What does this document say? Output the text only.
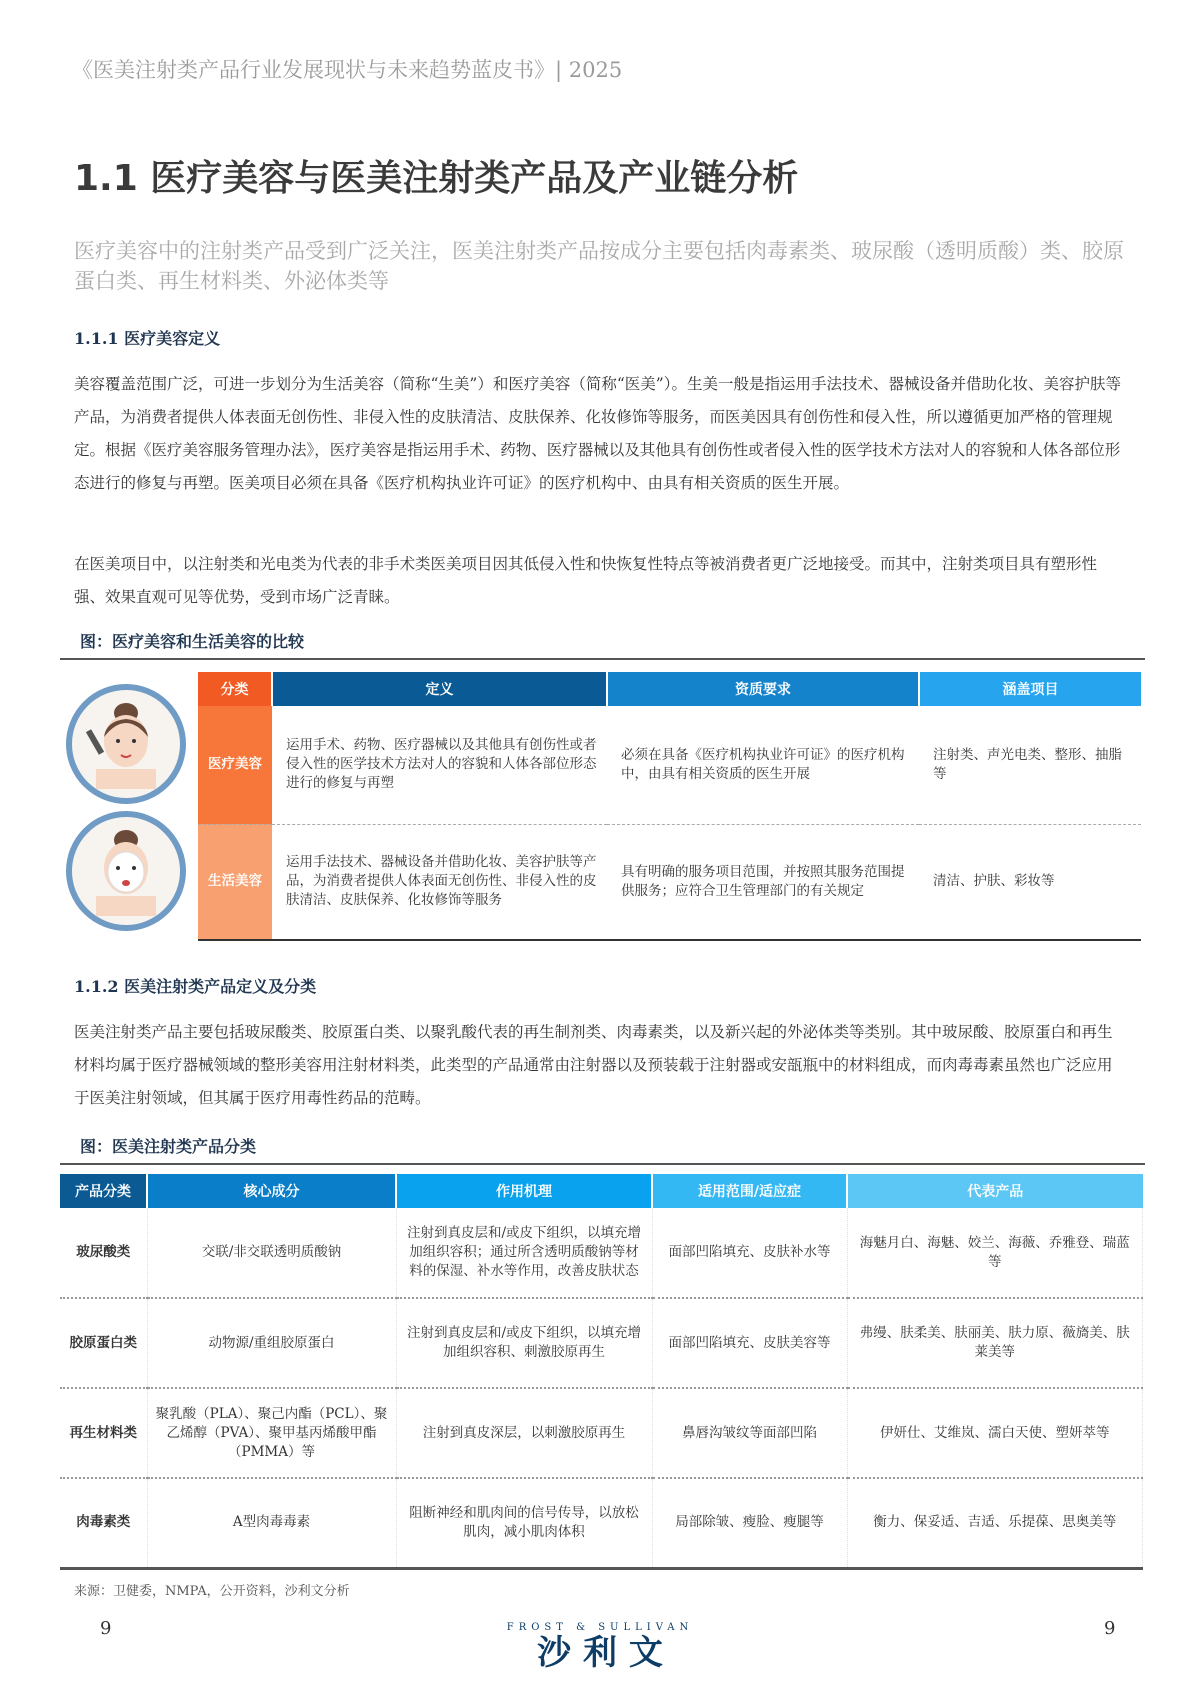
《医美注射类产品行业发展现状与未来趋势蓝皮书》| 2025
1.1 医疗美容与医美注射类产品及产业链分析
医疗美容中的注射类产品受到广泛关注，医美注射类产品按成分主要包括肉毒素类、玻尿酸（透明质酸）类、胶原蛋白类、再生材料类、外泌体类等
1.1.1 医疗美容定义
美容覆盖范围广泛，可进一步划分为生活美容（简称“生美”）和医疗美容（简称“医美”）。生美一般是指运用手法技术、器械设备并借助化妆、美容护肤等产品，为消费者提供人体表面无创伤性、非侵入性的皮肤清洁、皮肤保养、化妆修饰等服务，而医美因具有创伤性和侵入性，所以遵循更加严格的管理规定。根据《医疗美容服务管理办法》，医疗美容是指运用手术、药物、医疗器械以及其他具有创伤性或者侵入性的医学技术方法对人的容貌和人体各部位形态进行的修复与再塑。医美项目必须在具备《医疗机构执业许可证》的医疗机构中、由具有相关资质的医生开展。
在医美项目中，以注射类和光电类为代表的非手术类医美项目因其低侵入性和快恢复性特点等被消费者更广泛地接受。而其中，注射类项目具有塑形性强、效果直观可见等优势，受到市场广泛青睐。
图：医疗美容和生活美容的比较
分类	定义	资质要求	涵盖项目
医疗美容	运用手术、药物、医疗器械以及其他具有创伤性或者侵入性的医学技术方法对人的容貌和人体各部位形态进行的修复与再塑	必须在具备《医疗机构执业许可证》的医疗机构中，由具有相关资质的医生开展	注射类、声光电类、整形、抽脂等
生活美容	运用手法技术、器械设备并借助化妆、美容护肤等产品，为消费者提供人体表面无创伤性、非侵入性的皮肤清洁、皮肤保养、化妆修饰等服务	具有明确的服务项目范围，并按照其服务范围提供服务；应符合卫生管理部门的有关规定	清洁、护肤、彩妆等
1.1.2 医美注射类产品定义及分类
医美注射类产品主要包括玻尿酸类、胶原蛋白类、以聚乳酸代表的再生制剂类、肉毒素类，以及新兴起的外泌体类等类别。其中玻尿酸、胶原蛋白和再生材料均属于医疗器械领域的整形美容用注射材料类，此类型的产品通常由注射器以及预装载于注射器或安瓿瓶中的材料组成，而肉毒毒素虽然也广泛应用于医美注射领域，但其属于医疗用毒性药品的范畴。
图：医美注射类产品分类
产品分类	核心成分	作用机理	适用范围/适应症	代表产品
玻尿酸类	交联/非交联透明质酸钠	注射到真皮层和/或皮下组织，以填充增加组织容积；通过所含透明质酸钠等材料的保湿、补水等作用，改善皮肤状态	面部凹陷填充、皮肤补水等	海魅月白、海魅、姣兰、海薇、乔雅登、瑞蓝等
胶原蛋白类	动物源/重组胶原蛋白	注射到真皮层和/或皮下组织，以填充增加组织容积、刺激胶原再生	面部凹陷填充、皮肤美容等	弗缦、肤柔美、肤丽美、肤力原、薇旖美、肤莱美等
再生材料类	聚乳酸（PLA）、聚己内酯（PCL）、聚乙烯醇（PVA）、聚甲基丙烯酸甲酯（PMMA）等	注射到真皮深层，以刺激胶原再生	鼻唇沟皱纹等面部凹陷	伊妍仕、艾维岚、濡白天使、塑妍萃等
肉毒素类	A型肉毒毒素	阻断神经和肌肉间的信号传导，以放松肌肉，减小肌肉体积	局部除皱、瘦脸、瘦腿等	衡力、保妥适、吉适、乐提葆、思奥美等
来源：卫健委，NMPA，公开资料，沙利文分析
9	9
FROST & SULLIVAN
沙 利 文
